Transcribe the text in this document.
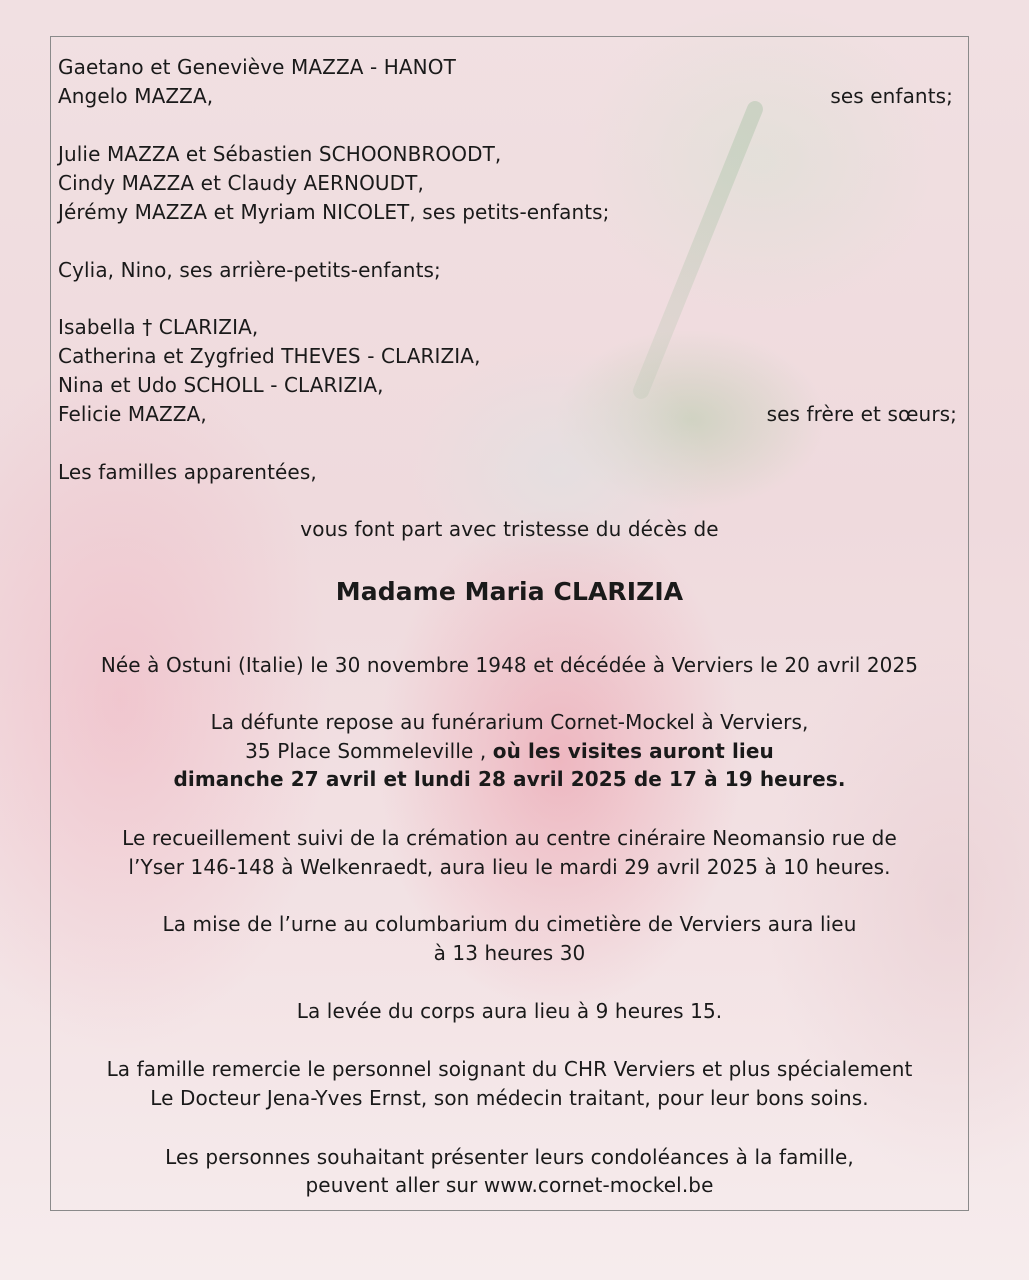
Gaetano et Geneviève MAZZA - HANOT
Angelo MAZZA,	ses enfants;
Julie MAZZA et Sébastien SCHOONBROODT,
Cindy MAZZA et Claudy AERNOUDT,
Jérémy MAZZA et Myriam NICOLET, ses petits-enfants;
Cylia, Nino, ses arrière-petits-enfants;
Isabella † CLARIZIA,
Catherina et Zygfried THEVES - CLARIZIA,
Nina et Udo SCHOLL - CLARIZIA,
Felicie MAZZA,	ses frère et sœurs;
Les familles apparentées,
vous font part avec tristesse du décès de
Madame Maria CLARIZIA
Née à Ostuni (Italie) le 30 novembre 1948 et décédée à Verviers le 20 avril 2025
La défunte repose au funérarium Cornet-Mockel à Verviers,
35 Place Sommeleville , où les visites auront lieu
dimanche 27 avril et lundi 28 avril 2025 de 17 à 19 heures.
Le recueillement suivi de la crémation au centre cinéraire Neomansio rue de
l’Yser 146-148 à Welkenraedt, aura lieu le mardi 29 avril 2025 à 10 heures.
La mise de l’urne au columbarium du cimetière de Verviers aura lieu
à 13 heures 30
La levée du corps aura lieu à 9 heures 15.
La famille remercie le personnel soignant du CHR Verviers et plus spécialement
Le Docteur Jena-Yves Ernst, son médecin traitant, pour leur bons soins.
Les personnes souhaitant présenter leurs condoléances à la famille,
peuvent aller sur www.cornet-mockel.be
